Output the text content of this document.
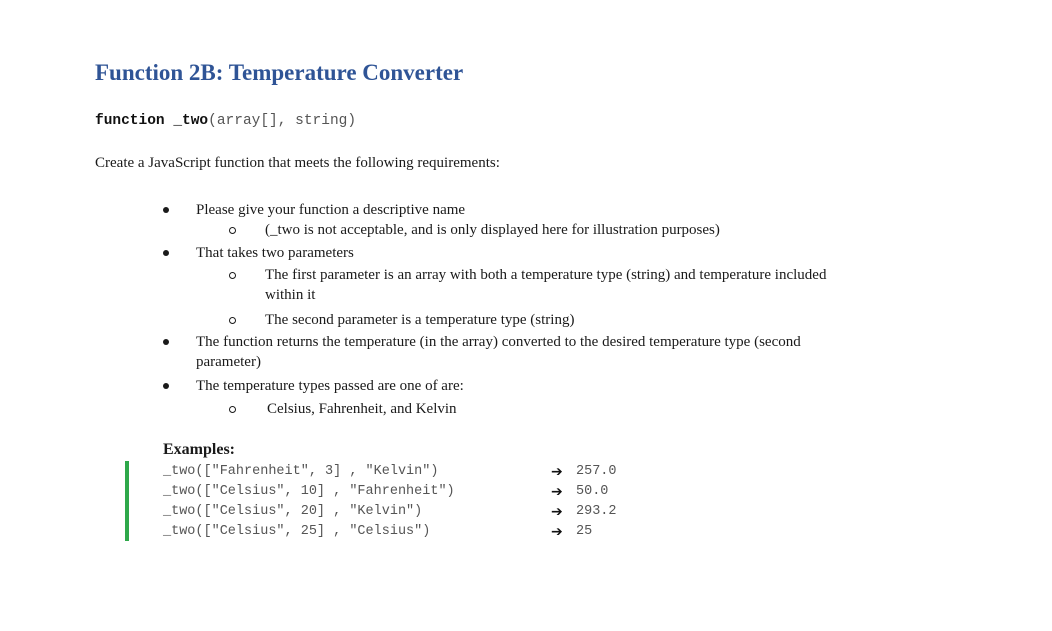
Function 2B: Temperature Converter
function _two(array[], string)
Create a JavaScript function that meets the following requirements:
Please give your function a descriptive name
(_two is not acceptable, and is only displayed here for illustration purposes)
That takes two parameters
The first parameter is an array with both a temperature type (string) and temperature included
within it
The second parameter is a temperature type (string)
The function returns the temperature (in the array) converted to the desired temperature type (second
parameter)
The temperature types passed are one of are:
Celsius, Fahrenheit, and Kelvin
Examples:
_two(["Fahrenheit", 3] , "Kelvin")	➔ 257.0
_two(["Celsius", 10] , "Fahrenheit")	➔ 50.0
_two(["Celsius", 20] , "Kelvin")	➔ 293.2
_two(["Celsius", 25] , "Celsius")	➔ 25
